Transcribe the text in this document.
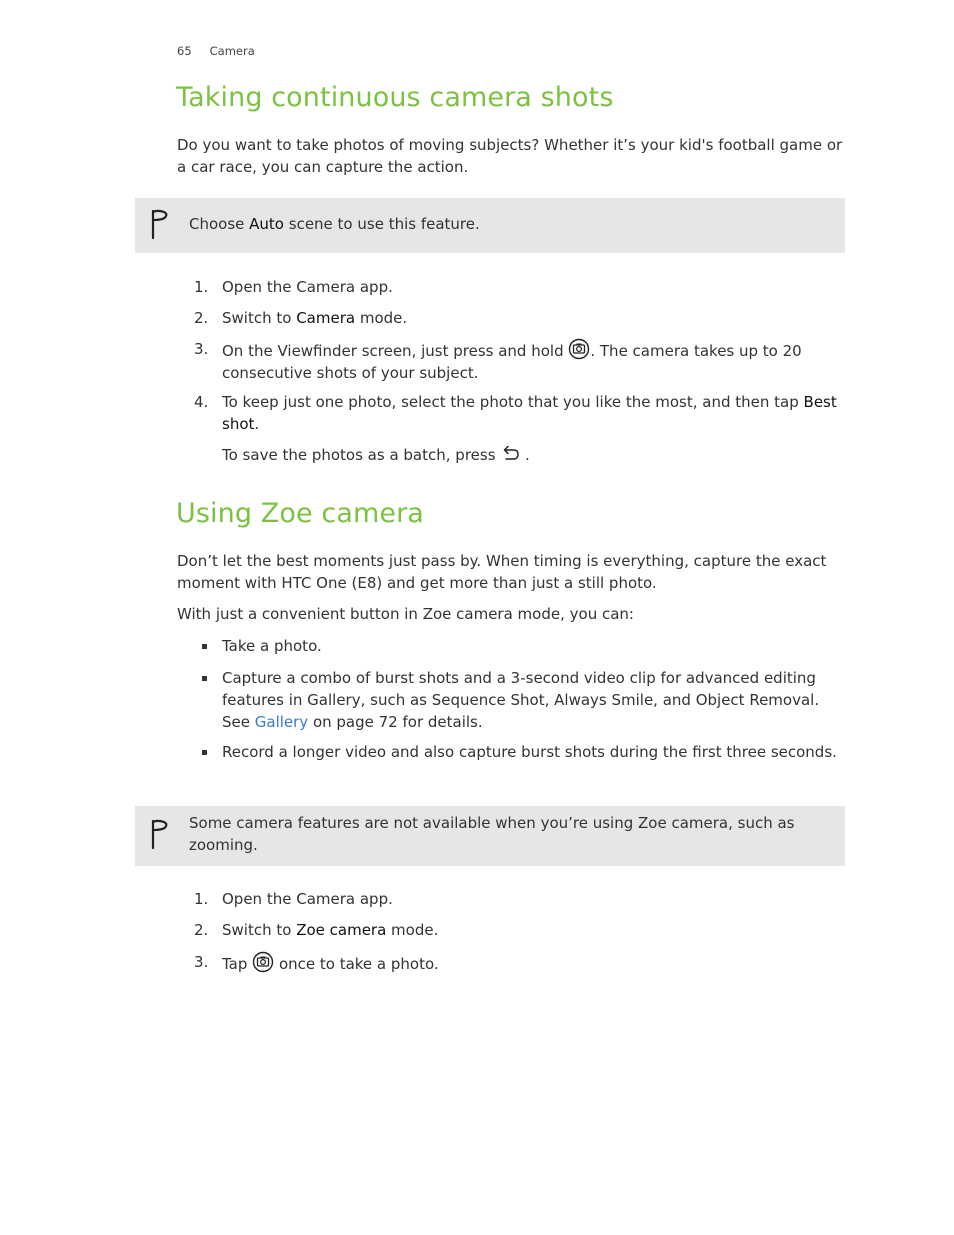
65 Camera
Taking continuous camera shots

Do you want to take photos of moving subjects? Whether it’s your kid's football game or a car race, you can capture the action.

Choose Auto scene to use this feature.
1. Open the Camera app.
2. Switch to Camera mode.
3. On the Viewfinder screen, just press and hold . The camera takes up to 20 consecutive shots of your subject.
4. To keep just one photo, select the photo that you like the most, and then tap Best shot.
To save the photos as a batch, press  .
Using Zoe camera

Don’t let the best moments just pass by. When timing is everything, capture the exact moment with HTC One (E8) and get more than just a still photo.

With just a convenient button in Zoe camera mode, you can:

Take a photo.
Capture a combo of burst shots and a 3-second video clip for advanced editing features in Gallery, such as Sequence Shot, Always Smile, and Object Removal. See Gallery on page 72 for details.
Record a longer video and also capture burst shots during the first three seconds.
Some camera features are not available when you’re using Zoe camera, such as zooming.
1. Open the Camera app.
2. Switch to Zoe camera mode.
3. Tap  once to take a photo.
